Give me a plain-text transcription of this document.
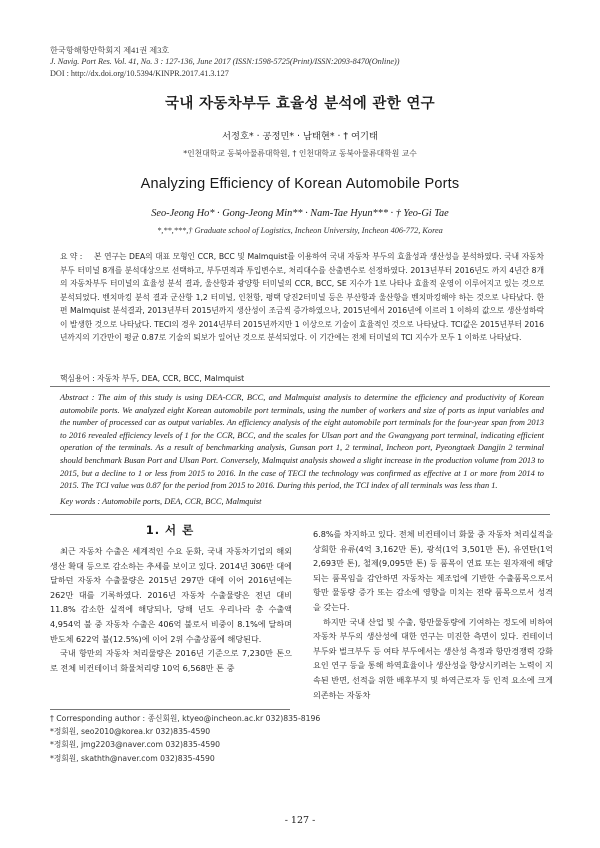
한국항해항만학회지 제41권 제3호
J. Navig. Port Res. Vol. 41, No. 3 : 127-136, June 2017 (ISSN:1598-5725(Print)/ISSN:2093-8470(Online))
DOI : http://dx.doi.org/10.5394/KINPR.2017.41.3.127
국내 자동차부두 효율성 분석에 관한 연구
서정호* · 공정민* · 남태현* · † 여기태
*인천대학교 동북아물류대학원, † 인천대학교 동북아물류대학원 교수
Analyzing Efficiency of Korean Automobile Ports
Seo-Jeong Ho* · Gong-Jeong Min** · Nam-Tae Hyun*** · † Yeo-Gi Tae
*,**,***,† Graduate school of Logistics, Incheon University, Incheon 406-772, Korea
요 약 : 본 연구는 DEA의 대표 모형인 CCR, BCC 및 Malmquist를 이용하여 국내 자동차 부두의 효율성과 생산성을 분석하였다. 국내 자동차부두 터미널 8개를 분석대상으로 선택하고, 부두면적과 투입변수로, 처리대수를 산출변수로 선정하였다. 2013년부터 2016년도 까지 4년간 8개의 자동차부두 터미널의 효율성 분석 결과, 울산항과 광양항 터미널의 CCR, BCC, SE 지수가 1로 나타나 효율적 운영이 이루어지고 있는 것으로 분석되었다. 벤치마킹 분석 결과 군산항 1,2 터미널, 인천항, 평택 당진2터미널 등은 부산항과 울산항을 벤치마킹해야 하는 것으로 나타났다. 한편 Malmquist 분석결과, 2013년부터 2015년까지 생산성이 조금씩 증가하였으나, 2015년에서 2016년에 이르러 1 이하의 값으로 생산성하락이 발생한 것으로 나타났다. TECI의 경우 2014년부터 2015년까지만 1 이상으로 기술이 효율적인 것으로 나타났다. TCI값은 2015년부터 2016년까지의 기간만이 평균 0.87로 기술의 퇴보가 일어난 것으로 분석되었다. 이 기간에는 전체 터미널의 TCI 지수가 모두 1 이하로 나타났다.
핵심용어 : 자동차 부두, DEA, CCR, BCC, Malmquist
Abstract : The aim of this study is using DEA-CCR, BCC, and Malmquist analysis to determine the efficiency and productivity of Korean automobile ports. We analyzed eight Korean automobile port terminals, using the number of workers and size of ports as input variables and the number of processed car as output variables. An efficiency analysis of the eight automobile port terminals for the four-year span from 2013 to 2016 revealed efficiency levels of 1 for the CCR, BCC, and the scales for Ulsan port and the Gwangyang port terminal, indicating efficient operation of the terminals. As a result of benchmarking analysis, Gunsan port 1, 2 terminal, Incheon port, Pyeongtaek Dangjin 2 terminal should benchmark Busan Port and Ulsan Port. Conversely, Malmquist analysis showed a slight increase in the production volume from 2013 to 2015, but a decline to 1 or less from 2015 to 2016. In the case of TECI the technology was confirmed as effective at 1 or more from 2014 to 2015. The TCI value was 0.87 for the period from 2015 to 2016. During this period, the TCI index of all terminals was less than 1.
Key words : Automobile ports, DEA, CCR, BCC, Malmquist
1. 서 론

최근 자동차 수출은 세계적인 수요 둔화, 국내 자동차기업의 해외 생산 확대 등으로 감소하는 추세를 보이고 있다. 2014년 306만 대에 달하던 자동차 수출물량은 2015년 297만 대에 이어 2016년에는 262만 대를 기록하였다. 2016년 자동차 수출물량은 전년 대비 11.8% 감소한 실적에 해당되나, 당해 년도 우리나라 총 수출액 4,954억 불 중 자동차 수출은 406억 불로서 비중이 8.1%에 달하며 반도체 622억 불(12.5%)에 이어 2위 수출상품에 해당된다.

국내 항만의 자동차 처리물량은 2016년 기준으로 7,230만 톤으로 전체 비컨테이너 화물처리량 10억 6,568만 톤 중

6.8%를 차지하고 있다. 전체 비컨테이너 화물 중 자동차 처리실적을 상회한 유류(4억 3,162만 톤), 광석(1억 3,501만 톤), 유연탄(1억 2,693만 톤), 철제(9,095만 톤) 등 품목이 연료 또는 원자재에 해당되는 품목임을 감안하면 자동차는 제조업에 기반한 수출품목으로서 항만 물동량 증가 또는 감소에 영향을 미치는 전략 품목으로서 성격을 갖는다.

하지만 국내 산업 및 수출, 항만물동량에 기여하는 정도에 비하여 자동차 부두의 생산성에 대한 연구는 미진한 측면이 있다. 컨테이너부두와 벌크부두 등 여타 부두에서는 생산성 측정과 항만경쟁력 강화 요인 연구 등을 통해 하역효율이나 생산성을 향상시키려는 노력이 지속된 반면, 선적을 위한 배후부지 및 하역근로자 등 인적 요소에 크게 의존하는 자동차

† Corresponding author : 종신회원, ktyeo@incheon.ac.kr 032)835-8196
*정회원, seo2010@korea.kr 032)835-4590
*정회원, jmg2203@naver.com 032)835-4590
*정회원, skathth@naver.com 032)835-4590
- 127 -
